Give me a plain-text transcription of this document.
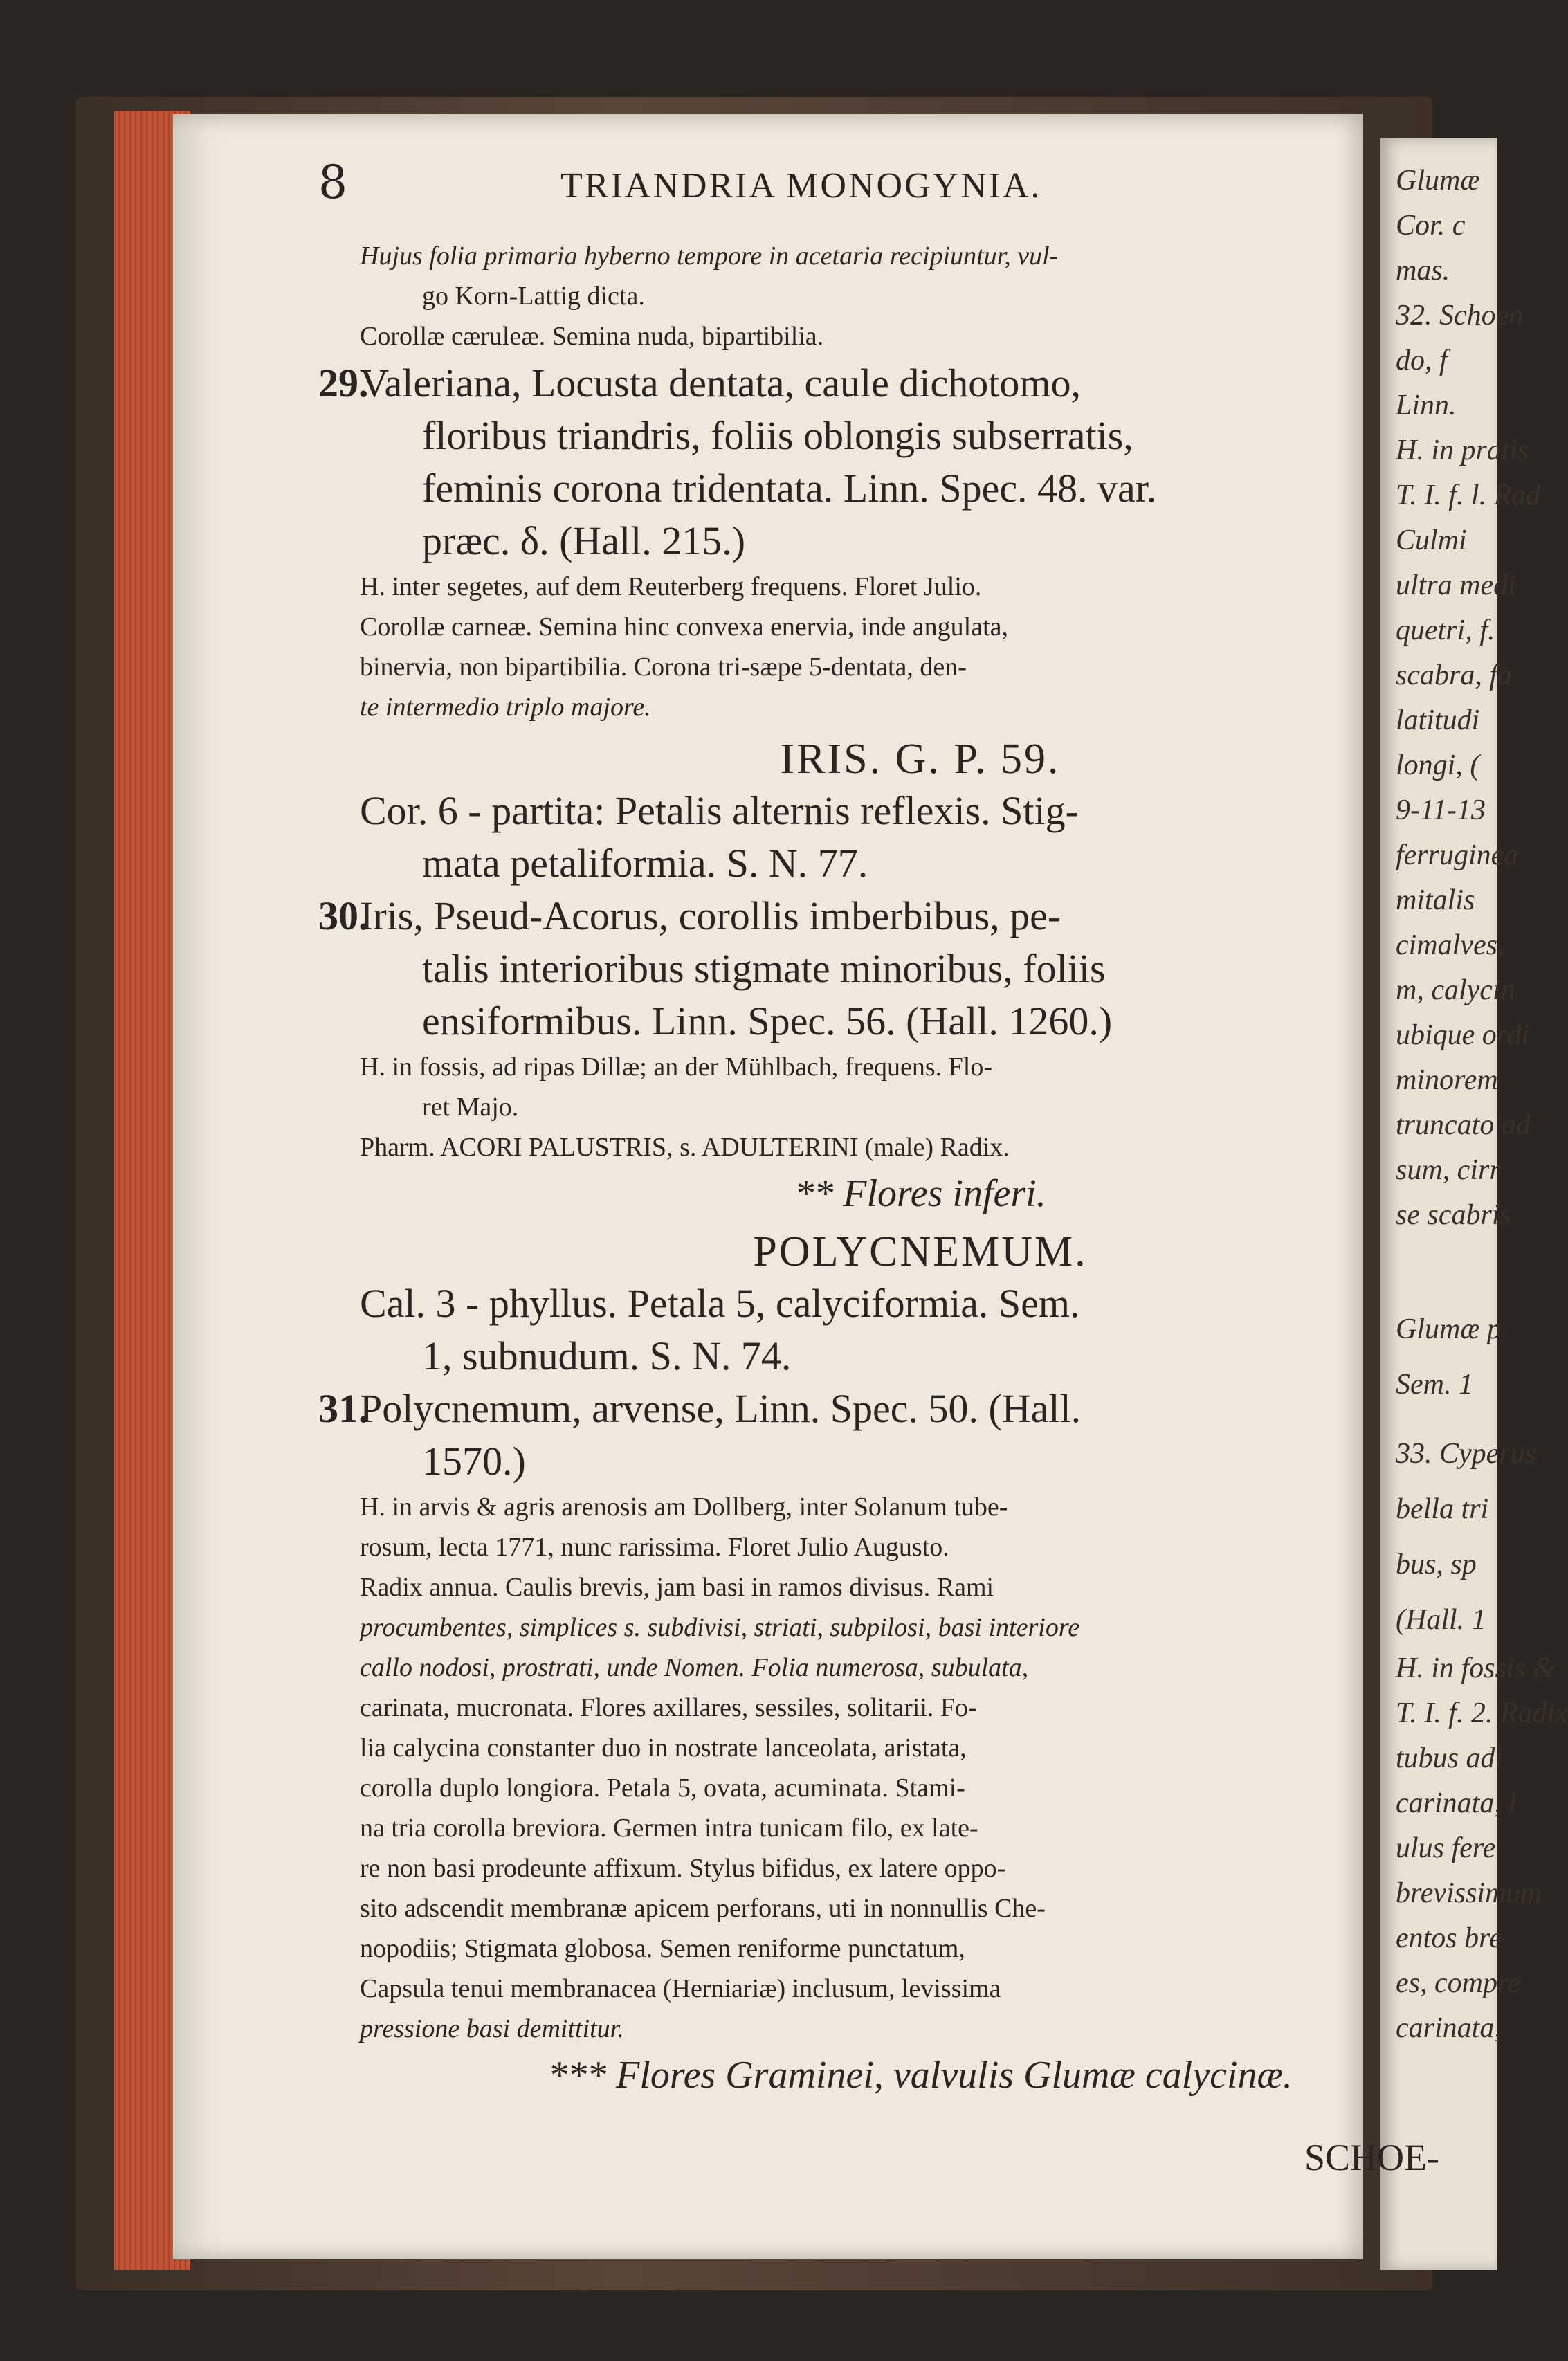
Glumæ
Cor. c
mas.
32. Schoen
do, f
Linn.
H. in pratis
T. I. f. l. Rad
Culmi
ultra medi
quetri, f.
scabra, fa
latitudi
longi, (
9-11-13
ferruginea
mitalis
cimalves,
m, calycin
ubique ordi
minorem
truncato ad
sum, cirr
se scabris
Glumæ p
Sem. 1
33. Cyperus
bella tri
bus, sp
(Hall. 1
H. in fossis &
T. I. f. 2. Radix
tubus adi
carinata, l
ulus fere
brevissimum
entos bre
es, compre
carinata,
8	TRIANDRIA MONOGYNIA.

Hujus folia primaria hyberno tempore in acetaria recipiuntur, vul-

go Korn-Lattig dicta.

Corollæ cæruleæ. Semina nuda, bipartibilia.

29.
Valeriana, Locusta dentata, caule dichotomo,

floribus triandris, foliis oblongis subserratis,

feminis corona tridentata. Linn. Spec. 48. var.

præc. δ. (Hall. 215.)

H. inter segetes, auf dem Reuterberg frequens. Floret Julio.

Corollæ carneæ. Semina hinc convexa enervia, inde angulata,

binervia, non bipartibilia. Corona tri-sæpe 5-dentata, den-

te intermedio triplo majore.

IRIS. G. P. 59.

Cor. 6 - partita: Petalis alternis reflexis. Stig-

mata petaliformia. S. N. 77.

30.
Iris, Pseud-Acorus, corollis imberbibus, pe-

talis interioribus stigmate minoribus, foliis

ensiformibus. Linn. Spec. 56. (Hall. 1260.)

H. in fossis, ad ripas Dillæ; an der Mühlbach, frequens. Flo-

ret Majo.

Pharm. ACORI PALUSTRIS, s. ADULTERINI (male) Radix.

** Flores inferi.

POLYCNEMUM.

Cal. 3 - phyllus. Petala 5, calyciformia. Sem.

1, subnudum. S. N. 74.

31.
Polycnemum, arvense, Linn. Spec. 50. (Hall.

1570.)

H. in arvis & agris arenosis am Dollberg, inter Solanum tube-

rosum, lecta 1771, nunc rarissima. Floret Julio Augusto.

Radix annua. Caulis brevis, jam basi in ramos divisus. Rami

procumbentes, simplices s. subdivisi, striati, subpilosi, basi interiore

callo nodosi, prostrati, unde Nomen. Folia numerosa, subulata,

carinata, mucronata. Flores axillares, sessiles, solitarii. Fo-

lia calycina constanter duo in nostrate lanceolata, aristata,

corolla duplo longiora. Petala 5, ovata, acuminata. Stami-

na tria corolla breviora. Germen intra tunicam filo, ex late-

re non basi prodeunte affixum. Stylus bifidus, ex latere oppo-

sito adscendit membranæ apicem perforans, uti in nonnullis Che-

nopodiis; Stigmata globosa. Semen reniforme punctatum,

Capsula tenui membranacea (Herniariæ) inclusum, levissima

pressione basi demittitur.

*** Flores Graminei, valvulis Glumæ calycinæ.

SCHOE-
